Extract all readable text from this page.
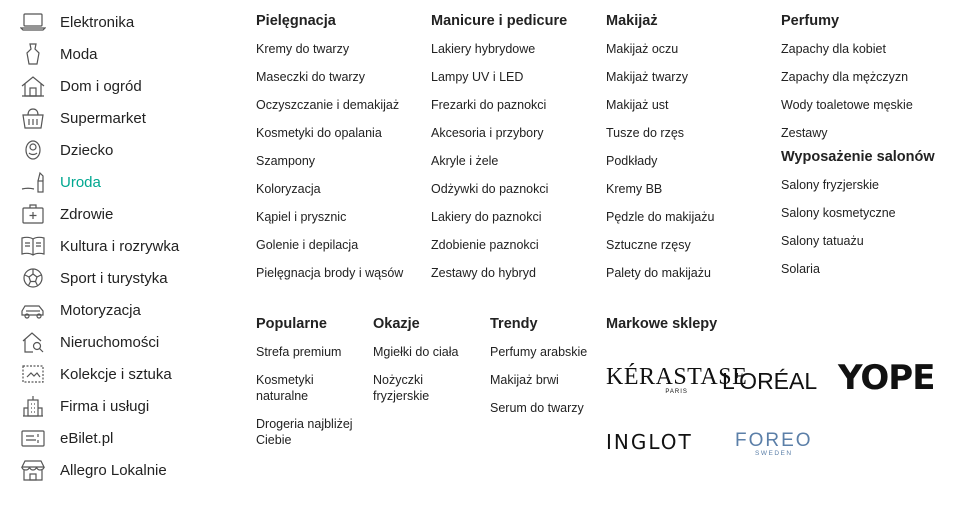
Elektronika
Moda
Dom i ogród
Supermarket
Dziecko
Uroda
Zdrowie
Kultura i rozrywka
Sport i turystyka
Motoryzacja
Nieruchomości
Kolekcje i sztuka
Firma i usługi
eBilet.pl
Allegro Lokalnie
Pielęgnacja
Kremy do twarzy
Maseczki do twarzy
Oczyszczanie i demakijaż
Kosmetyki do opalania
Szampony
Koloryzacja
Kąpiel i prysznic
Golenie i depilacja
Pielęgnacja brody i wąsów
Manicure i pedicure
Lakiery hybrydowe
Lampy UV i LED
Frezarki do paznokci
Akcesoria i przybory
Akryle i żele
Odżywki do paznokci
Lakiery do paznokci
Zdobienie paznokci
Zestawy do hybryd
Makijaż
Makijaż oczu
Makijaż twarzy
Makijaż ust
Tusze do rzęs
Podkłady
Kremy BB
Pędzle do makijażu
Sztuczne rzęsy
Palety do makijażu
Perfumy
Zapachy dla kobiet
Zapachy dla mężczyzn
Wody toaletowe męskie
Zestawy
Wyposażenie salonów
Salony fryzjerskie
Salony kosmetyczne
Salony tatuażu
Solaria
Popularne
Strefa premium
Kosmetyki naturalne
Drogeria najbliżej Ciebie
Okazje
Mgiełki do ciała
Nożyczki fryzjerskie
Trendy
Perfumy arabskie
Makijaż brwi
Serum do twarzy
Markowe sklepy
KÉRASTASE
PARIS	L'ORÉAL YOPE
INGLOT FOREO
SWEDEN
